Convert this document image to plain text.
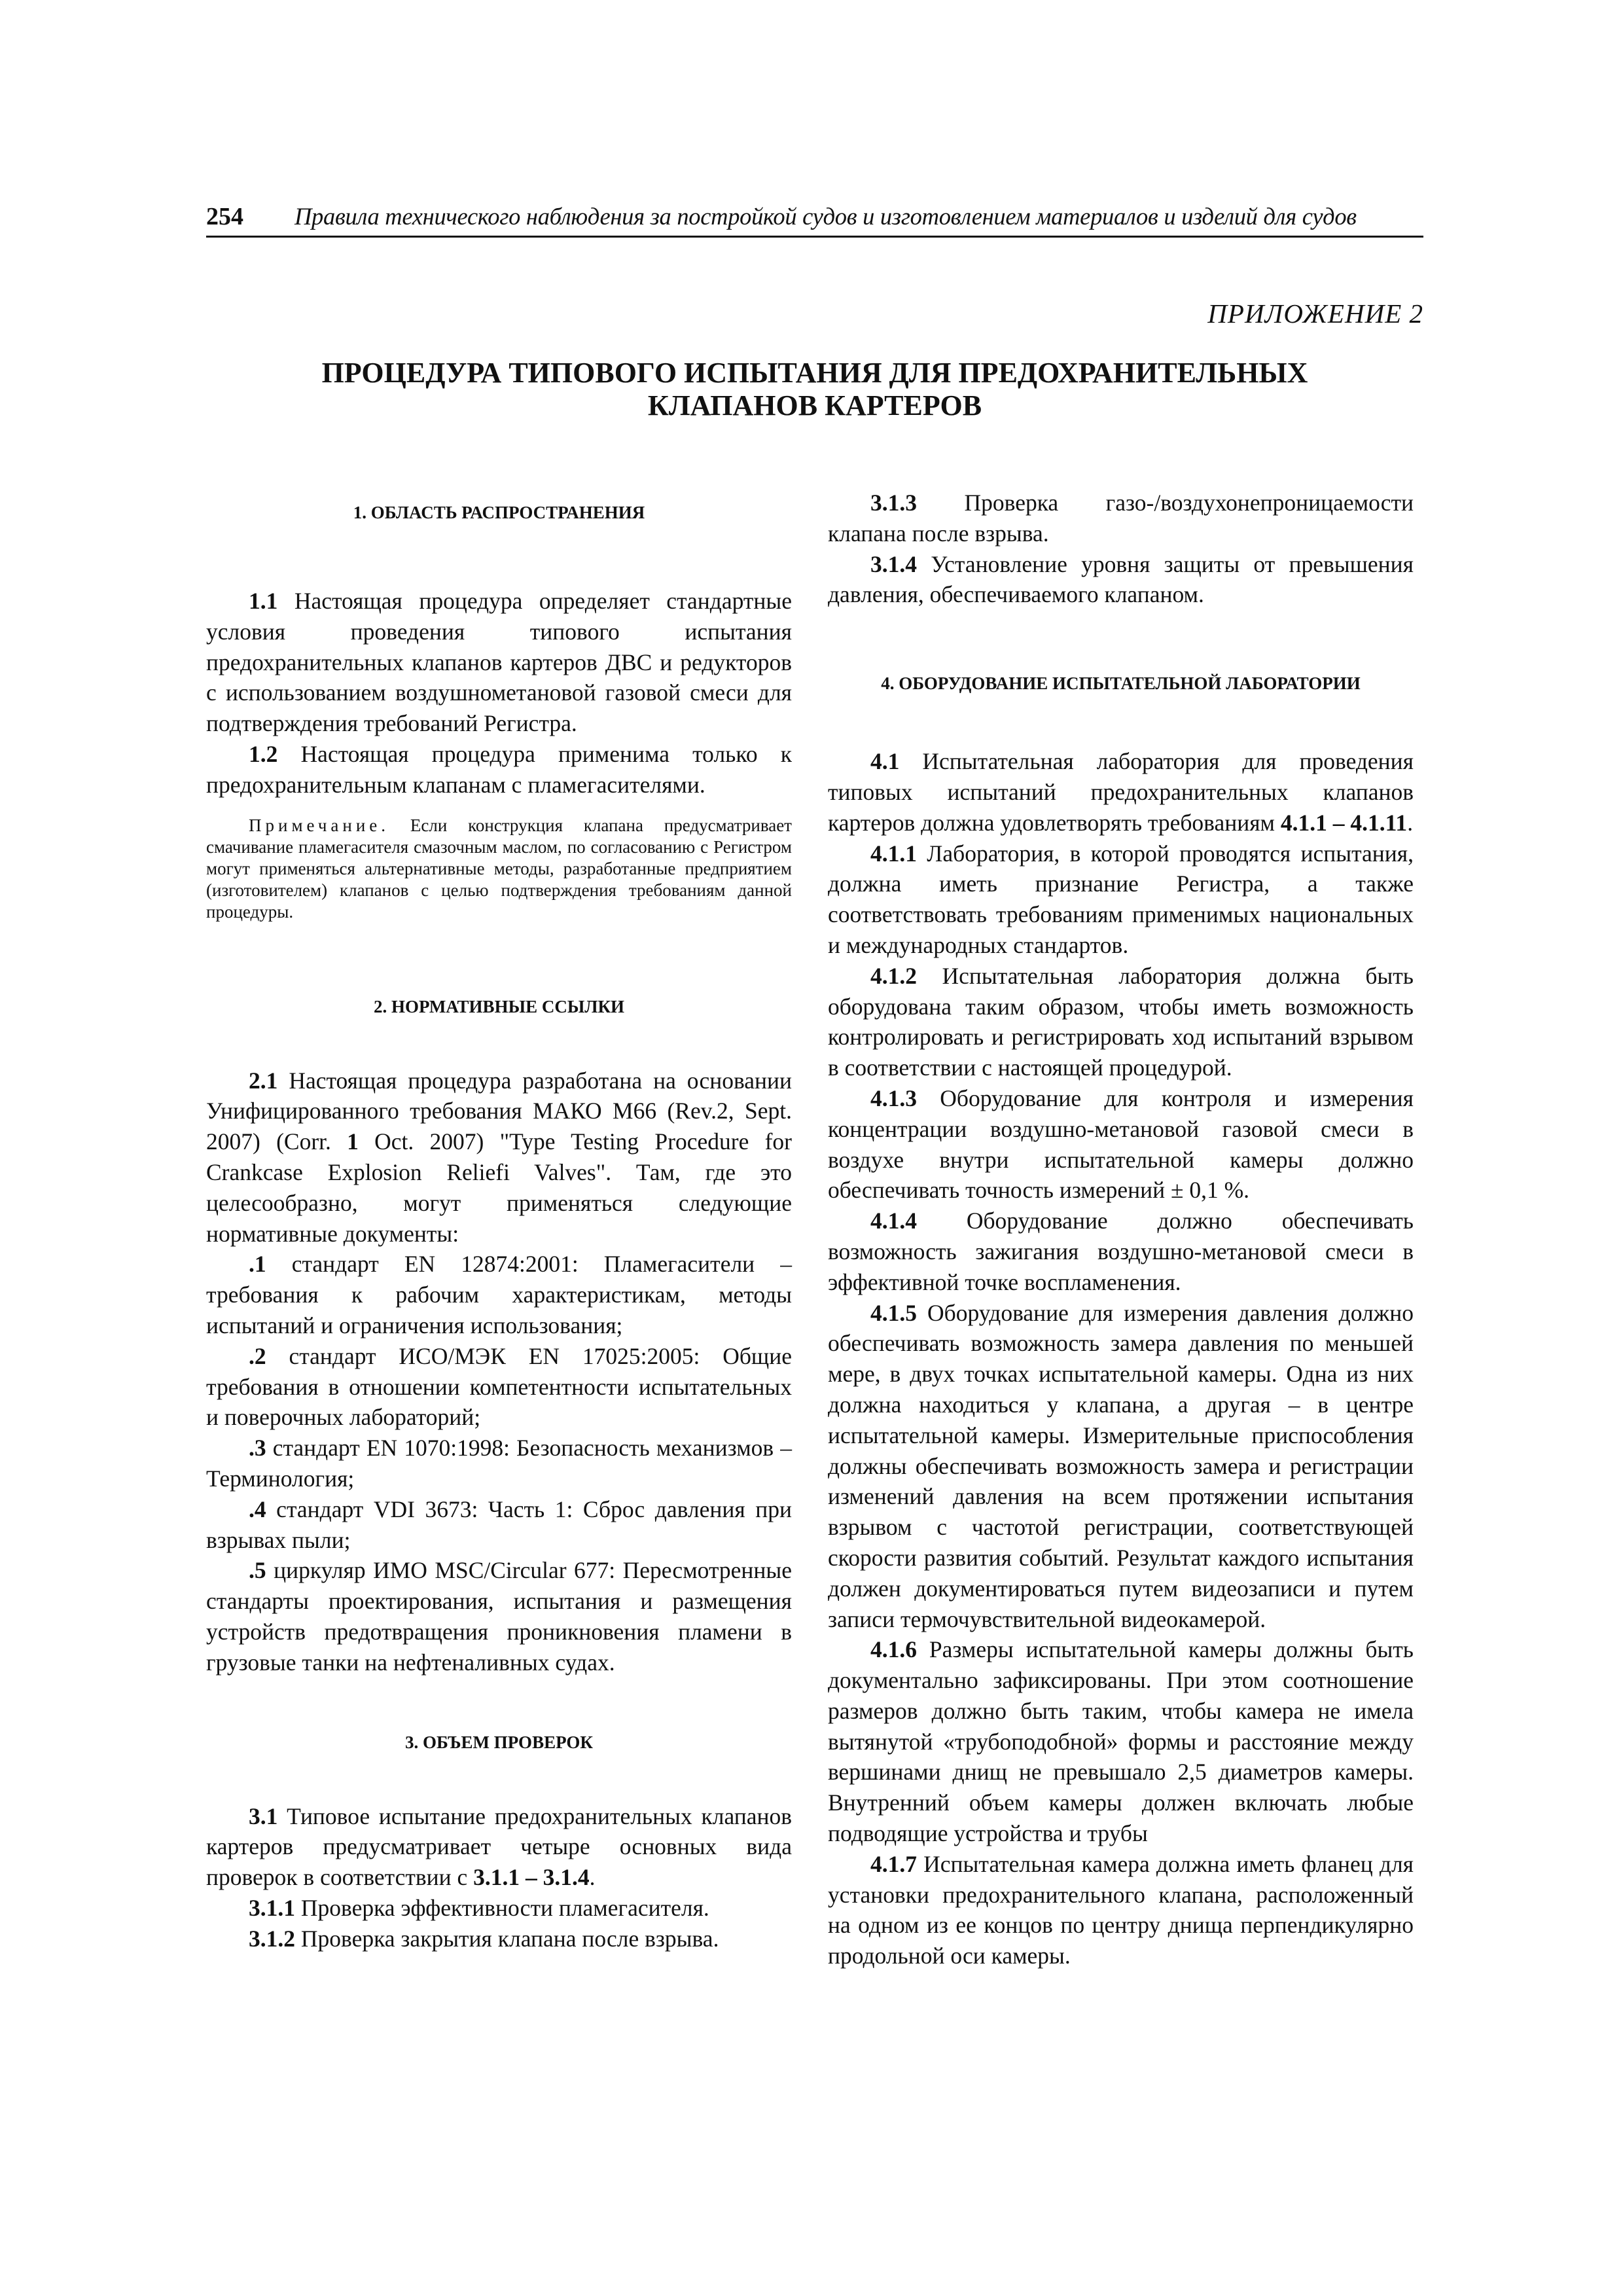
254 Правила технического наблюдения за постройкой судов и изготовлением материалов и изделий для судов
ПРИЛОЖЕНИЕ 2
ПРОЦЕДУРА ТИПОВОГО ИСПЫТАНИЯ ДЛЯ ПРЕДОХРАНИТЕЛЬНЫХ
КЛАПАНОВ КАРТЕРОВ
1. ОБЛАСТЬ РАСПРОСТРАНЕНИЯ

1.1 Настоящая процедура определяет стандартные условия проведения типового испытания предохранительных клапанов картеров ДВС и редукторов с использованием воздушнометановой газовой смеси для подтверждения требований Регистра.

1.2 Настоящая процедура применима только к предохранительным клапанам с пламегасителями.

Примечание. Если конструкция клапана предусматривает смачивание пламегасителя смазочным маслом, по согласованию с Регистром могут применяться альтернативные методы, разработанные предприятием (изготовителем) клапанов с целью подтверждения требованиям данной процедуры.

2. НОРМАТИВНЫЕ ССЫЛКИ

2.1 Настоящая процедура разработана на основании Унифицированного требования МАКО М66 (Rev.2, Sept. 2007) (Corr. 1 Oct. 2007) "Type Testing Procedure for Crankcase Explosion Reliefi Valves". Там, где это целесообразно, могут применяться следующие нормативные документы:

.1 стандарт EN 12874:2001: Пламегасители – требования к рабочим характеристикам, методы испытаний и ограничения использования;

.2 стандарт ИСО/МЭК EN 17025:2005: Общие требования в отношении компетентности испытательных и поверочных лабораторий;

.3 стандарт EN 1070:1998: Безопасность механизмов – Терминология;

.4 стандарт VDI 3673: Часть 1: Сброс давления при взрывах пыли;

.5 циркуляр ИМО MSC/Circular 677: Пересмотренные стандарты проектирования, испытания и размещения устройств предотвращения проникновения пламени в грузовые танки на нефтеналивных судах.

3. ОБЪЕМ ПРОВЕРОК

3.1 Типовое испытание предохранительных клапанов картеров предусматривает четыре основных вида проверок в соответствии с 3.1.1 – 3.1.4.

3.1.1 Проверка эффективности пламегасителя.

3.1.2 Проверка закрытия клапана после взрыва.

3.1.3 Проверка газо-/воздухонепроницаемости клапана после взрыва.

3.1.4 Установление уровня защиты от превышения давления, обеспечиваемого клапаном.

4. ОБОРУДОВАНИЕ ИСПЫТАТЕЛЬНОЙ ЛАБОРАТОРИИ

4.1 Испытательная лаборатория для проведения типовых испытаний предохранительных клапанов картеров должна удовлетворять требованиям 4.1.1 – 4.1.11.

4.1.1 Лаборатория, в которой проводятся испытания, должна иметь признание Регистра, а также соответствовать требованиям применимых национальных и международных стандартов.

4.1.2 Испытательная лаборатория должна быть оборудована таким образом, чтобы иметь возможность контролировать и регистрировать ход испытаний взрывом в соответствии с настоящей процедурой.

4.1.3 Оборудование для контроля и измерения концентрации воздушно-метановой газовой смеси в воздухе внутри испытательной камеры должно обеспечивать точность измерений ± 0,1 %.

4.1.4 Оборудование должно обеспечивать возможность зажигания воздушно-метановой смеси в эффективной точке воспламенения.

4.1.5 Оборудование для измерения давления должно обеспечивать возможность замера давления по меньшей мере, в двух точках испытательной камеры. Одна из них должна находиться у клапана, а другая – в центре испытательной камеры. Измерительные приспособления должны обеспечивать возможность замера и регистрации изменений давления на всем протяжении испытания взрывом с частотой регистрации, соответствующей скорости развития событий. Результат каждого испытания должен документироваться путем видеозаписи и путем записи термочувствительной видеокамерой.

4.1.6 Размеры испытательной камеры должны быть документально зафиксированы. При этом соотношение размеров должно быть таким, чтобы камера не имела вытянутой «трубоподобной» формы и расстояние между вершинами днищ не превышало 2,5 диаметров камеры. Внутренний объем камеры должен включать любые подводящие устройства и трубы

4.1.7 Испытательная камера должна иметь фланец для установки предохранительного клапана, расположенный на одном из ее концов по центру днища перпендикулярно продольной оси камеры.
